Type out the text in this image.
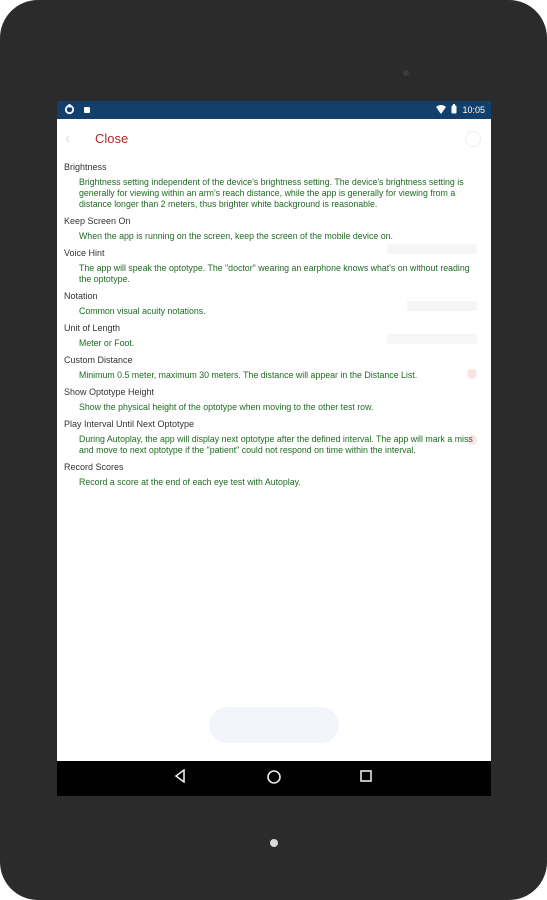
10:05
‹ Close
Brightness
Brightness setting independent of the device's brightness setting. The device's brightness setting is generally for viewing within an arm's reach distance, while the app is generally for viewing from a distance longer than 2 meters, thus brighter white background is reasonable.
Keep Screen On
When the app is running on the screen, keep the screen of the mobile device on.
Voice Hint
The app will speak the optotype. The "doctor" wearing an earphone knows what's on without reading the optotype.
Notation
Common visual acuity notations.
Unit of Length
Meter or Foot.
Custom Distance
Minimum 0.5 meter, maximum 30 meters. The distance will appear in the Distance List.
Show Optotype Height
Show the physical height of the optotype when moving to the other test row.
Play Interval Until Next Optotype
During Autoplay, the app will display next optotype after the defined interval. The app will mark a miss and move to next optotype if the "patient" could not respond on time within the interval.
Record Scores
Record a score at the end of each eye test with Autoplay.
